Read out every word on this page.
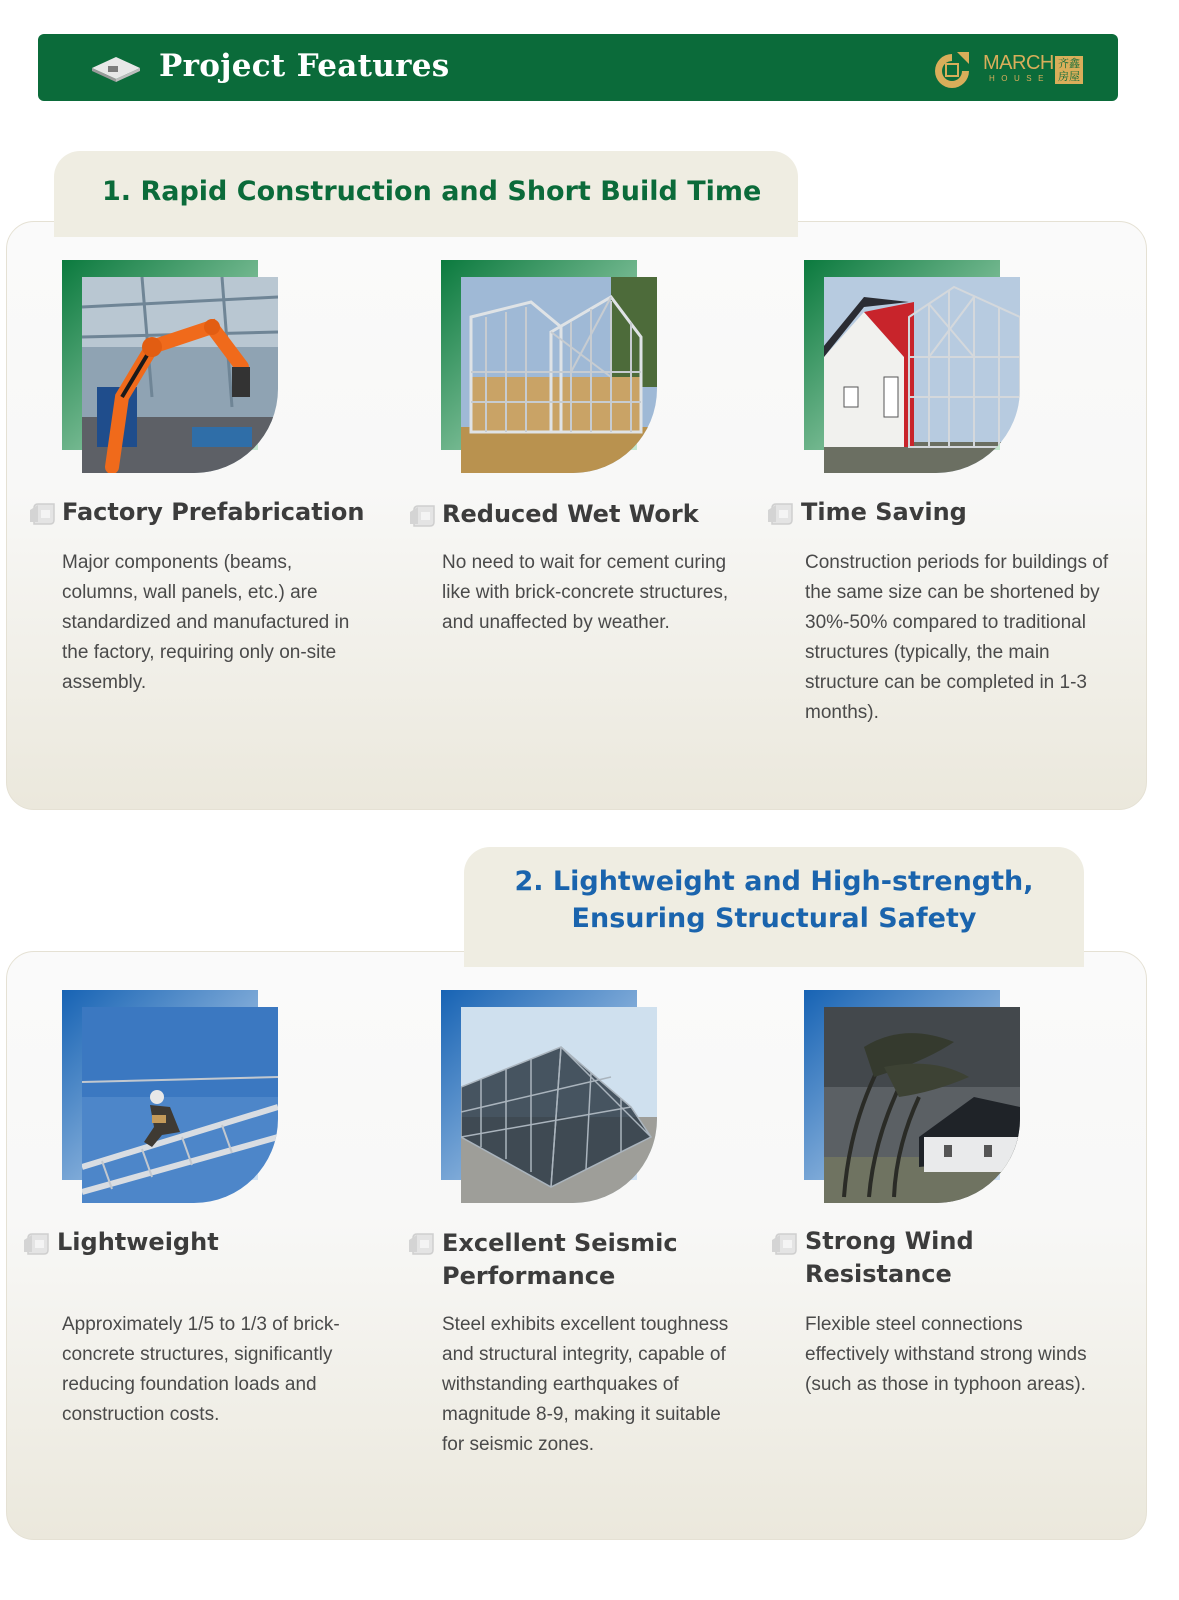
Project Features	MARCH
HOUSE
齐鑫房屋
1. Rapid Construction and Short Build Time
Factory Prefabrication
Major components (beams, columns, wall panels, etc.) are standardized and manufactured in the factory, requiring only on-site assembly.
Reduced Wet Work
No need to wait for cement curing like with brick-concrete structures, and unaffected by weather.
Time Saving
Construction periods for buildings of the same size can be shortened by 30%-50% compared to traditional structures (typically, the main structure can be completed in 1-3 months).
2. Lightweight and High-strength,
Ensuring Structural Safety
Lightweight
Approximately 1/5 to 1/3 of brick-concrete structures, significantly reducing foundation loads and construction costs.
Excellent Seismic
Performance
Steel exhibits excellent toughness and structural integrity, capable of withstanding earthquakes of magnitude 8-9, making it suitable for seismic zones.
Strong Wind
Resistance
Flexible steel connections effectively withstand strong winds (such as those in typhoon areas).
